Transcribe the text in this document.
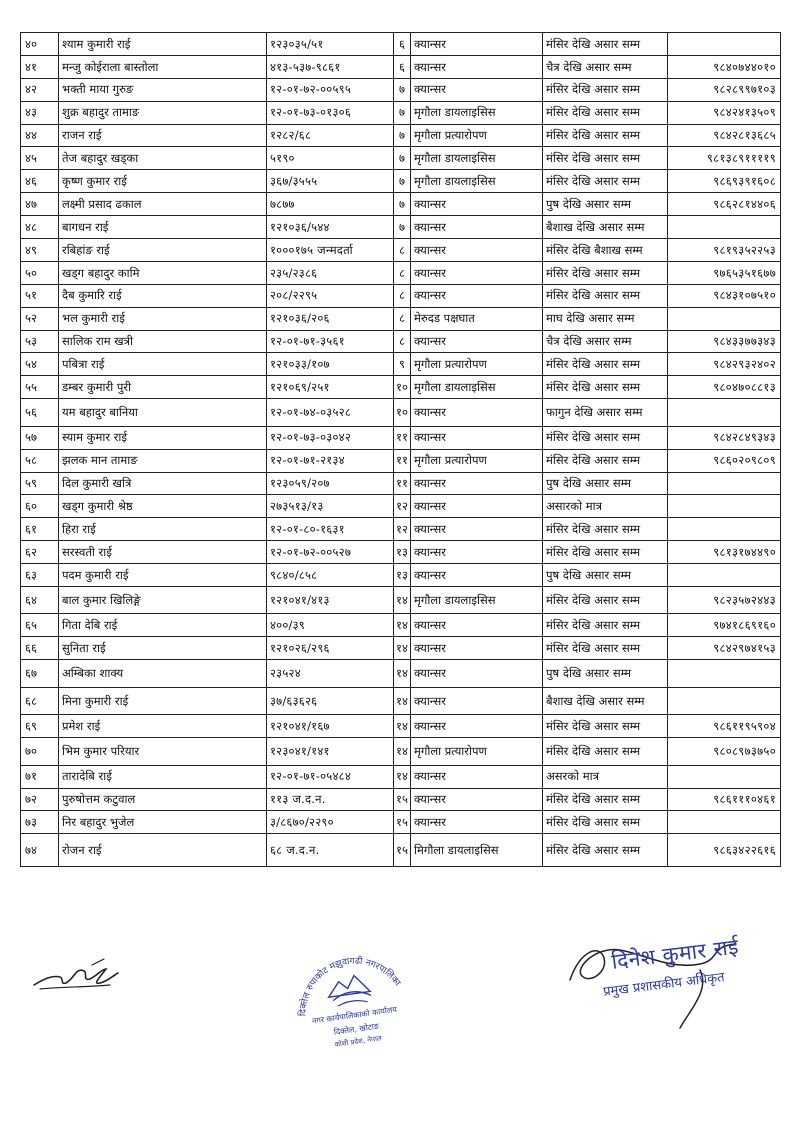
४०	श्याम कुमारी राई	१२३०३५/५१	६	क्यान्सर	मंसिर देखि असार सम्म	
४१	मन्जु कोईराला बास्तोला	४१३-५३७-९८६१	६	क्यान्सर	चैत्र देखि असार सम्म	९८४०७४४०१०
४२	भक्ती माया गुरुङ	१२-०१-७२-००५९५	७	क्यान्सर	मंसिर देखि असार सम्म	९८२८९९७१०३
४३	शुक्र बहादुर तामाङ	१२-०१-७३-०१३०६	७	मृगौला डायलाइसिस	मंसिर देखि असार सम्म	९८४२४१३५०९
४४	राजन राई	१२८२/६८	७	मृगौला प्रत्यारोपण	मंसिर देखि असार सम्म	९८४२८१३६८५
४५	तेज बहादुर खड्का	५१९०	७	मृगौला डायलाइसिस	मंसिर देखि असार सम्म	९८१३८९११११९
४६	कृष्ण कुमार राई	३६७/३५५५	७	मृगौला डायलाइसिस	मंसिर देखि असार सम्म	९८६९३९१६०८
४७	लक्ष्मी प्रसाद ढकाल	७८७७	७	क्यान्सर	पुष देखि असार सम्म	९८६२८१४४०६
४८	बागधन राई	१२१०३६/५४४	७	क्यान्सर	बैशाख देखि असार सम्म	
४९	रबिहांङ राई	१०००१७५ जन्मदर्ता	८	क्यान्सर	मंसिर देखि बैशाख सम्म	९८१९३५२२५३
५०	खड्ग बहादुर कामि	२३५/२३८६	८	क्यान्सर	मंसिर देखि असार सम्म	९७६५३५१६७७
५१	दैब कुमारि राई	२०८/२२९५	८	क्यान्सर	मंसिर देखि असार सम्म	९८४३१०७५१०
५२	भल कुमारी राई	१२१०३६/२०६	८	मेरुदड पक्षघात	माघ देखि असार सम्म	
५३	सालिक राम खत्री	१२-०१-७१-३५६१	८	क्यान्सर	चैत्र देखि असार सम्म	९८४३३७७३४३
५४	पबित्रा राई	१२१०३३/१०७	९	मृगौला प्रत्यारोपण	मंसिर देखि असार सम्म	९८४२९३२४०२
५५	डम्बर कुमारी पुरी	१२१०६९/२५१	१०	मृगौला डायलाइसिस	मंसिर देखि असार सम्म	९८०४७०८८१३
५६	यम बहादुर बानिया	१२-०१-७४-०३५२८	१०	क्यान्सर	फागुन देखि असार सम्म	
५७	स्याम कुमार राई	१२-०१-७३-०३०४२	११	क्यान्सर	मंसिर देखि असार सम्म	९८४२८४९३४३
५८	झलक मान तामाङ	१२-०१-७१-२१३४	११	मृगौला प्रत्यारोपण	मंसिर देखि असार सम्म	९८६०२०९८०९
५९	दिल कुमारी खत्रि	१२३०५९/२०७	११	क्यान्सर	पुष देखि असार सम्म	
६०	खड्ग कुमारी श्रेष्ठ	२७३५१३/१३	१२	क्यान्सर	असारको मात्र	
६१	हिरा राई	१२-०१-८०-१६३१	१२	क्यान्सर	मंसिर देखि असार सम्म	
६२	सरस्वती राई	१२-०१-७२-००५२७	१३	क्यान्सर	मंसिर देखि असार सम्म	९८१३१७४४९०
६३	पदम कुमारी राई	९८४०/८५८	१३	क्यान्सर	पुष देखि असार सम्म	
६४	बाल कुमार खिलिङ्गे	१२१०४१/४१३	१४	मृगौला डायलाइसिस	मंसिर देखि असार सम्म	९८२३५७२४४३
६५	गिता देबि राई	४००/३९	१४	क्यान्सर	मंसिर देखि असार सम्म	९७४१८६९१६०
६६	सुनिता राई	१२१०२६/२९६	१४	क्यान्सर	मंसिर देखि असार सम्म	९८४२९७४१५३
६७	अम्बिका शाक्य	२३५२४	१४	क्यान्सर	पुष देखि असार सम्म	
६८	मिना कुमारी राई	३७/६३६२६	१४	क्यान्सर	बैशाख देखि असार सम्म	
६९	प्रमेश राई	१२१०४१/१६७	१४	क्यान्सर	मंसिर देखि असार सम्म	९८६११९५९०४
७०	भिम कुमार परियार	१२३०४१/१४१	१४	मृगौला प्रत्यारोपण	मंसिर देखि असार सम्म	९८०८९७३७५०
७१	तारादेबि राई	१२-०१-७१-०५४८४	१४	क्यान्सर	असरको मात्र	
७२	पुरुषोत्तम कटुवाल	११३ ज.द.न.	१५	क्यान्सर	मंसिर देखि असार सम्म	९८६१११०४६१
७३	निर बहादुर भुजेल	३/८६७०/२२९०	१५	क्यान्सर	मंसिर देखि असार सम्म	
७४	रोजन राई	६८ ज.द.न.	१५	मिगौला डायलाइसिस	मंसिर देखि असार सम्म	९८६३४२२६१६
दिक्तेल रुपाकोट मझुवागढी नगरपालिका
नगर कार्यपालिकाको कार्यालय
दिक्तेल, खोटाङ
कोशी प्रदेश, नेपाल
दिनेश कुमार राई
प्रमुख प्रशासकीय अधिकृत
